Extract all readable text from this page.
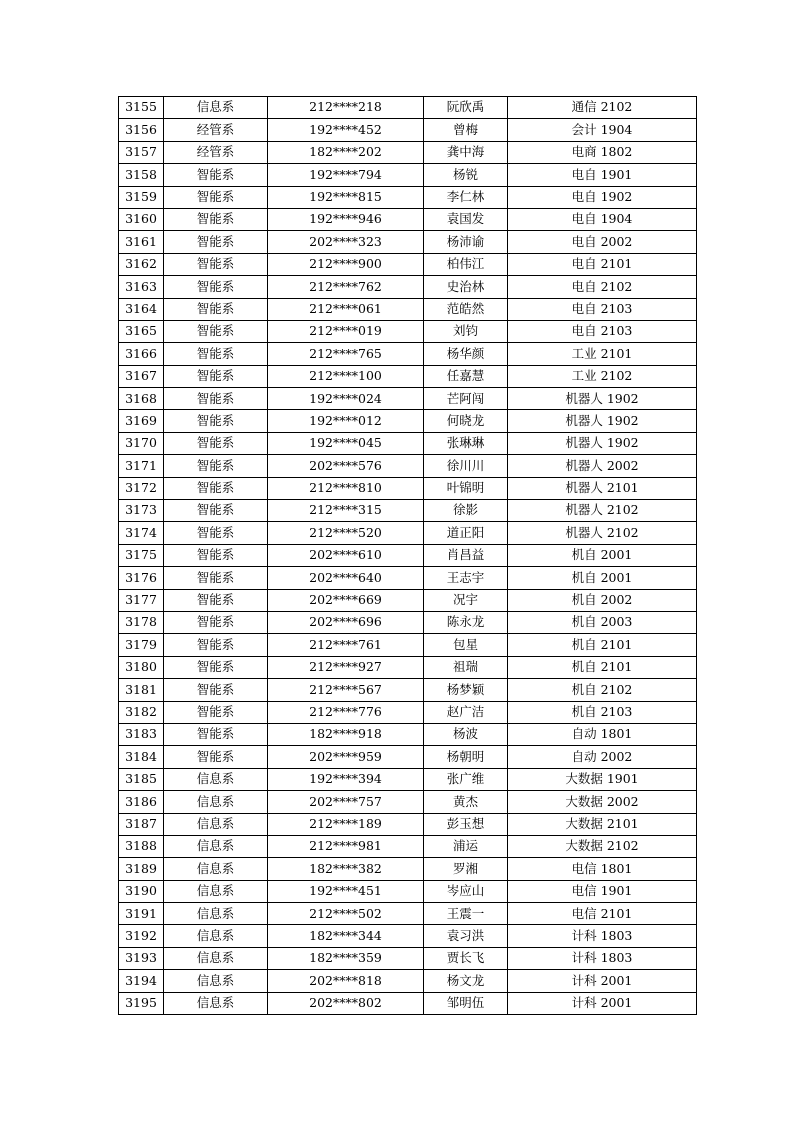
3155	信息系	212****218	阮欣禹	通信 2102
3156	经管系	192****452	曾梅	会计 1904
3157	经管系	182****202	龚中海	电商 1802
3158	智能系	192****794	杨锐	电自 1901
3159	智能系	192****815	李仁林	电自 1902
3160	智能系	192****946	袁国发	电自 1904
3161	智能系	202****323	杨沛谕	电自 2002
3162	智能系	212****900	柏伟江	电自 2101
3163	智能系	212****762	史治林	电自 2102
3164	智能系	212****061	范皓然	电自 2103
3165	智能系	212****019	刘钧	电自 2103
3166	智能系	212****765	杨华颜	工业 2101
3167	智能系	212****100	任嘉慧	工业 2102
3168	智能系	192****024	芒阿闯	机器人 1902
3169	智能系	192****012	何晓龙	机器人 1902
3170	智能系	192****045	张琳琳	机器人 1902
3171	智能系	202****576	徐川川	机器人 2002
3172	智能系	212****810	叶锦明	机器人 2101
3173	智能系	212****315	徐影	机器人 2102
3174	智能系	212****520	道正阳	机器人 2102
3175	智能系	202****610	肖昌益	机自 2001
3176	智能系	202****640	王志宇	机自 2001
3177	智能系	202****669	况宇	机自 2002
3178	智能系	202****696	陈永龙	机自 2003
3179	智能系	212****761	包星	机自 2101
3180	智能系	212****927	祖瑞	机自 2101
3181	智能系	212****567	杨梦颖	机自 2102
3182	智能系	212****776	赵广洁	机自 2103
3183	智能系	182****918	杨波	自动 1801
3184	智能系	202****959	杨朝明	自动 2002
3185	信息系	192****394	张广维	大数据 1901
3186	信息系	202****757	黄杰	大数据 2002
3187	信息系	212****189	彭玉想	大数据 2101
3188	信息系	212****981	浦运	大数据 2102
3189	信息系	182****382	罗湘	电信 1801
3190	信息系	192****451	岑应山	电信 1901
3191	信息系	212****502	王震一	电信 2101
3192	信息系	182****344	袁习洪	计科 1803
3193	信息系	182****359	贾长飞	计科 1803
3194	信息系	202****818	杨文龙	计科 2001
3195	信息系	202****802	邹明伍	计科 2001
